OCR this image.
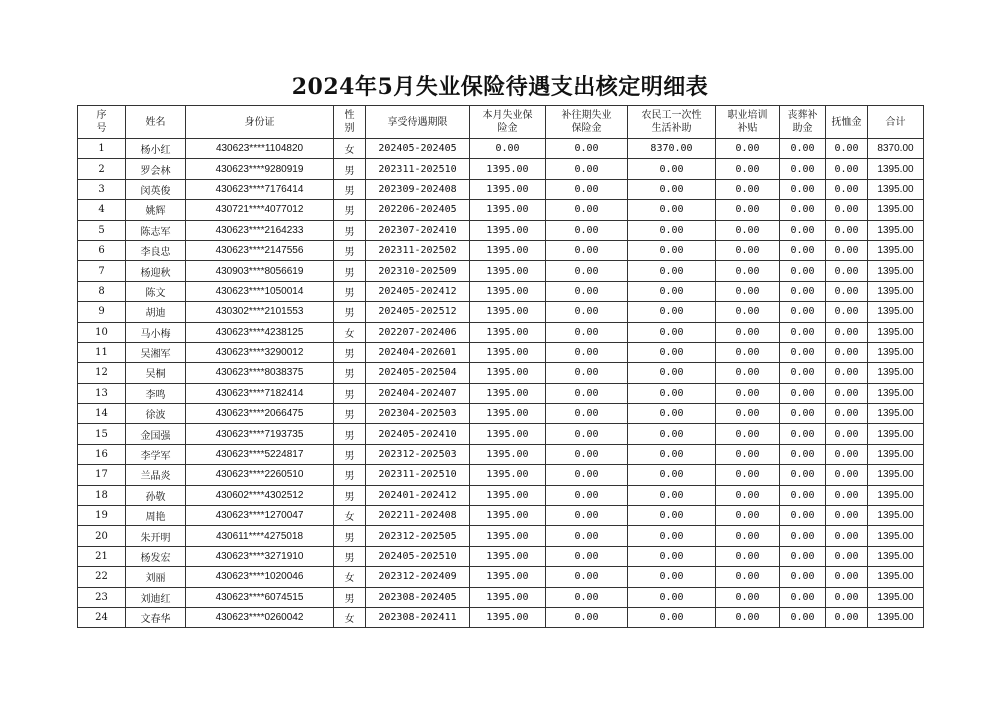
2024年5月失业保险待遇支出核定明细表
序号	姓名	身份证	性别	享受待遇期限	本月失业保险金	补往期失业保险金	农民工一次性生活补助	职业培训补贴	丧葬补助金	抚恤金	合计
1	杨小红	430623****1104820	女	202405-202405	0.00	0.00	8370.00	0.00	0.00	0.00	8370.00
2	罗会林	430623****9280919	男	202311-202510	1395.00	0.00	0.00	0.00	0.00	0.00	1395.00
3	闵英俊	430623****7176414	男	202309-202408	1395.00	0.00	0.00	0.00	0.00	0.00	1395.00
4	姚辉	430721****4077012	男	202206-202405	1395.00	0.00	0.00	0.00	0.00	0.00	1395.00
5	陈志军	430623****2164233	男	202307-202410	1395.00	0.00	0.00	0.00	0.00	0.00	1395.00
6	李良忠	430623****2147556	男	202311-202502	1395.00	0.00	0.00	0.00	0.00	0.00	1395.00
7	杨迎秋	430903****8056619	男	202310-202509	1395.00	0.00	0.00	0.00	0.00	0.00	1395.00
8	陈文	430623****1050014	男	202405-202412	1395.00	0.00	0.00	0.00	0.00	0.00	1395.00
9	胡迪	430302****2101553	男	202405-202512	1395.00	0.00	0.00	0.00	0.00	0.00	1395.00
10	马小梅	430623****4238125	女	202207-202406	1395.00	0.00	0.00	0.00	0.00	0.00	1395.00
11	吴湘军	430623****3290012	男	202404-202601	1395.00	0.00	0.00	0.00	0.00	0.00	1395.00
12	吴桐	430623****8038375	男	202405-202504	1395.00	0.00	0.00	0.00	0.00	0.00	1395.00
13	李鸣	430623****7182414	男	202404-202407	1395.00	0.00	0.00	0.00	0.00	0.00	1395.00
14	徐波	430623****2066475	男	202304-202503	1395.00	0.00	0.00	0.00	0.00	0.00	1395.00
15	金国强	430623****7193735	男	202405-202410	1395.00	0.00	0.00	0.00	0.00	0.00	1395.00
16	李学军	430623****5224817	男	202312-202503	1395.00	0.00	0.00	0.00	0.00	0.00	1395.00
17	兰晶炎	430623****2260510	男	202311-202510	1395.00	0.00	0.00	0.00	0.00	0.00	1395.00
18	孙敬	430602****4302512	男	202401-202412	1395.00	0.00	0.00	0.00	0.00	0.00	1395.00
19	周艳	430623****1270047	女	202211-202408	1395.00	0.00	0.00	0.00	0.00	0.00	1395.00
20	朱开明	430611****4275018	男	202312-202505	1395.00	0.00	0.00	0.00	0.00	0.00	1395.00
21	杨发宏	430623****3271910	男	202405-202510	1395.00	0.00	0.00	0.00	0.00	0.00	1395.00
22	刘丽	430623****1020046	女	202312-202409	1395.00	0.00	0.00	0.00	0.00	0.00	1395.00
23	刘迪红	430623****6074515	男	202308-202405	1395.00	0.00	0.00	0.00	0.00	0.00	1395.00
24	文春华	430623****0260042	女	202308-202411	1395.00	0.00	0.00	0.00	0.00	0.00	1395.00
